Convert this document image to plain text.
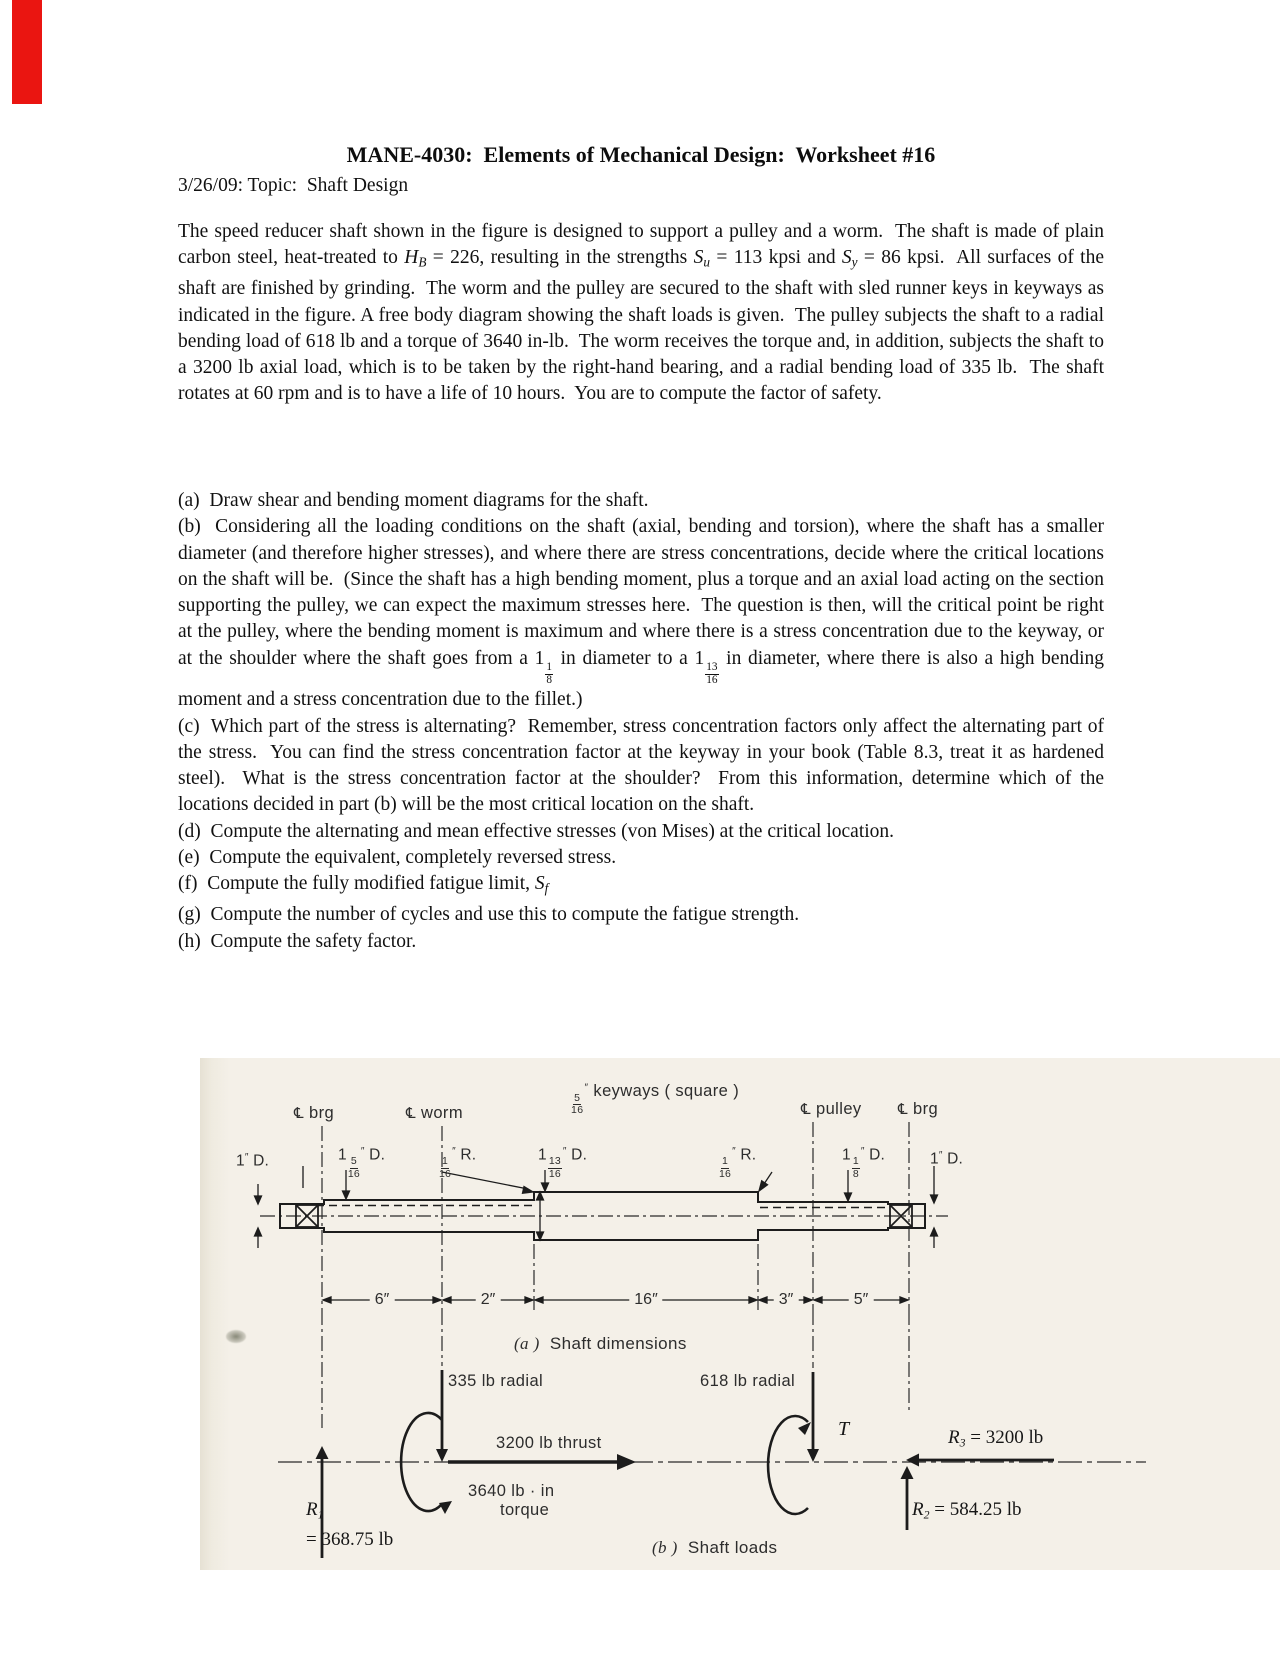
MANE-4030:  Elements of Mechanical Design:  Worksheet #16
3/26/09: Topic:  Shaft Design

The speed reducer shaft shown in the figure is designed to support a pulley and a worm.  The shaft is made of plain carbon steel, heat-treated to HB = 226, resulting in the strengths Su = 113 kpsi and Sy = 86 kpsi.  All surfaces of the shaft are finished by grinding.  The worm and the pulley are secured to the shaft with sled runner keys in keyways as indicated in the figure. A free body diagram showing the shaft loads is given.  The pulley subjects the shaft to a radial bending load of 618 lb and a torque of 3640 in-lb.  The worm receives the torque and, in addition, subjects the shaft to a 3200 lb axial load, which is to be taken by the right-hand bearing, and a radial bending load of 335 lb.  The shaft rotates at 60 rpm and is to have a life of 10 hours.  You are to compute the factor of safety.

(a)  Draw shear and bending moment diagrams for the shaft.

(b)  Considering all the loading conditions on the shaft (axial, bending and torsion), where the shaft has a smaller diameter (and therefore higher stresses), and where there are stress concentrations, decide where the critical locations on the shaft will be.  (Since the shaft has a high bending moment, plus a torque and an axial load acting on the section supporting the pulley, we can expect the maximum stresses here.  The question is then, will the critical point be right at the pulley, where the bending moment is maximum and where there is a stress concentration due to the keyway, or at the shoulder where the shaft goes from a 1
$\frac{1}{8}$
in diameter to a 1
$\frac{13}{16}$
in diameter, where there is also a high bending moment and a stress concentration due to the fillet.)

(c)  Which part of the stress is alternating?  Remember, stress concentration factors only affect the alternating part of the stress.  You can find the stress concentration factor at the keyway in your book (Table 8.3, treat it as hardened steel).  What is the stress concentration factor at the shoulder?  From this information, determine which of the locations decided in part (b) will be the most critical location on the shaft.

(d)  Compute the alternating and mean effective stresses (von Mises) at the critical location.

(e)  Compute the equivalent, completely reversed stress.

(f)  Compute the fully modified fatigue limit, Sf

(g)  Compute the number of cycles and use this to compute the fatigue strength.

(h)  Compute the safety factor.

℄ brg	℄ worm	℄ pulley ℄ brg
$\frac{5}{16}$
″ keyways ( square )
1″ D.	1
$\frac{5}{16}$
″ D.
$\frac{1}{16}$
″ R.	1
$\frac{13}{16}$
″ D.
$\frac{1}{16}$
″ R.	1
$\frac{1}{8}$
″ D.	1″ D.
6″	2″	16″	3″	5″
(a )  Shaft dimensions
335 lb radial	618 lb radial
3200 lb thrust
3640 lb · in
torque
T
R1
= 368.75 lb
R2 = 584.25 lb
R3 = 3200 lb
(b )  Shaft loads
